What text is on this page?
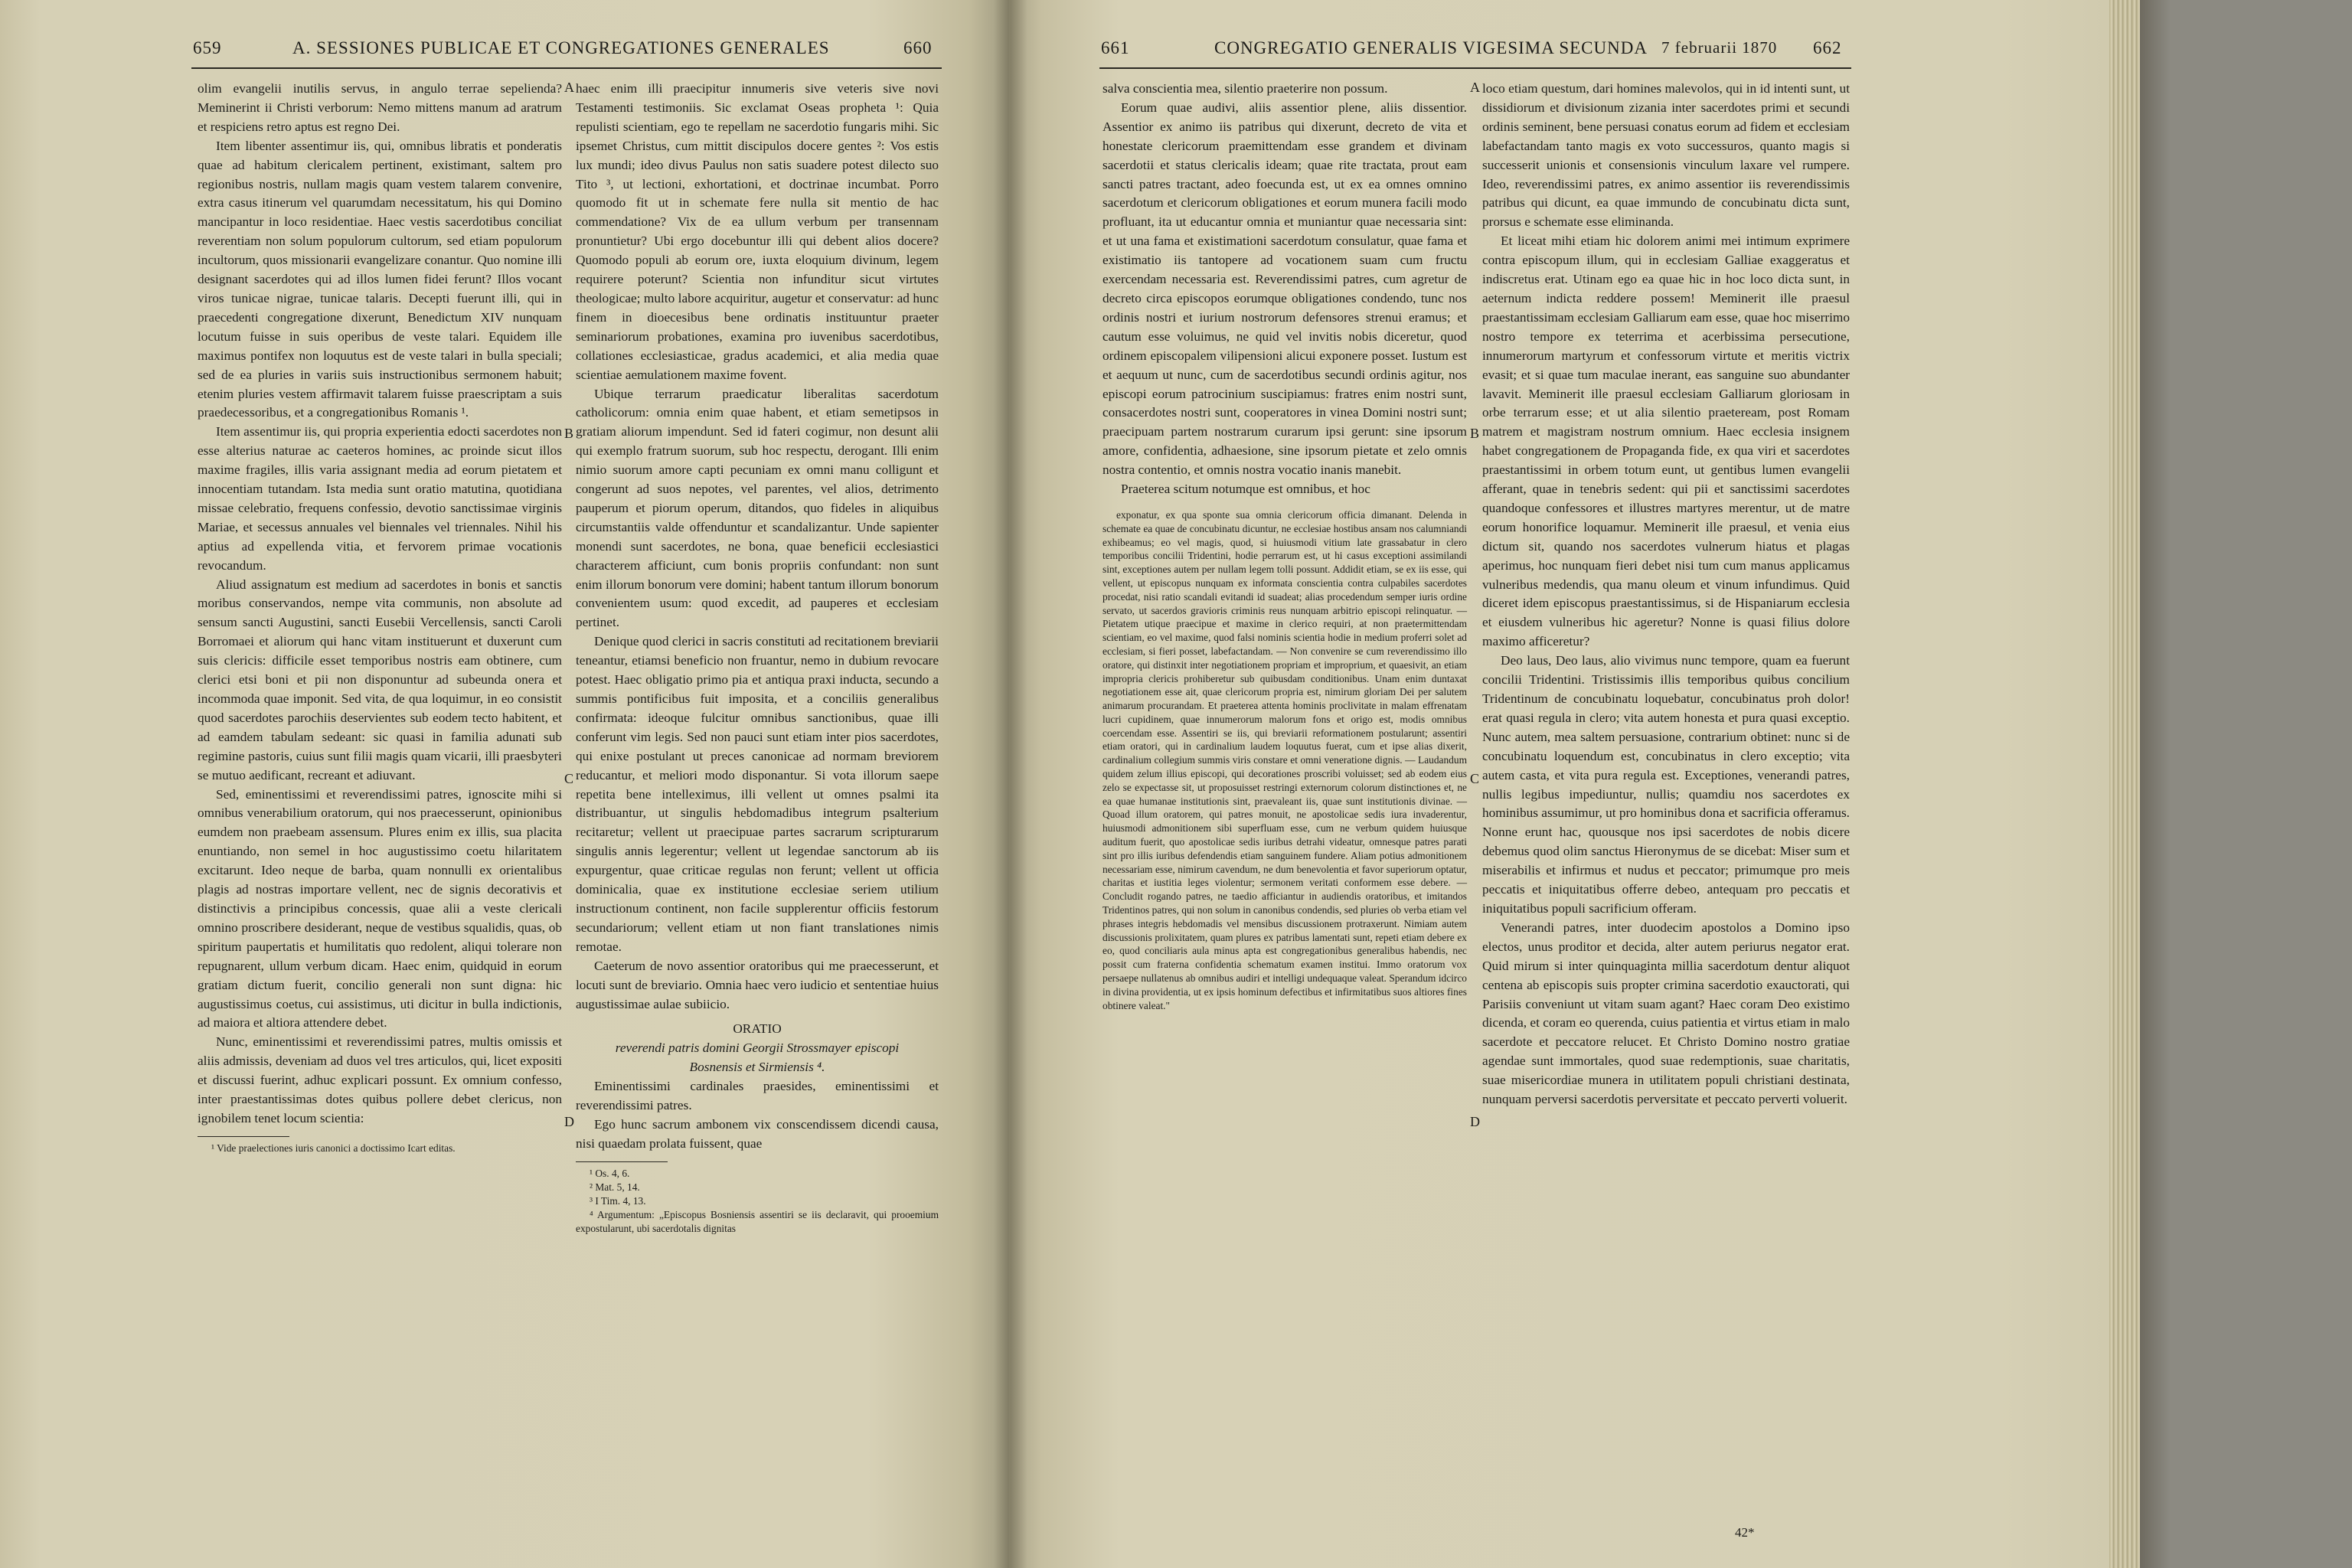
659	A. SESSIONES PUBLICAE ET CONGREGATIONES GENERALES	660

olim evangelii inutilis servus, in angulo terrae sepelienda? Meminerint ii Christi verborum: Nemo mittens manum ad aratrum et respiciens retro aptus est regno Dei.

Item libenter assentimur iis, qui, omnibus libratis et ponderatis quae ad habitum clericalem pertinent, existimant, saltem pro regionibus nostris, nullam magis quam vestem talarem convenire, extra casus itinerum vel quarumdam necessitatum, his qui Domino mancipantur in loco residentiae. Haec vestis sacerdotibus conciliat reverentiam non solum populorum cultorum, sed etiam populorum incultorum, quos missionarii evangelizare conantur. Quo nomine illi designant sacerdotes qui ad illos lumen fidei ferunt? Illos vocant viros tunicae nigrae, tunicae talaris. Decepti fuerunt illi, qui in praecedenti congregatione dixerunt, Benedictum XIV nunquam locutum fuisse in suis operibus de veste talari. Equidem ille maximus pontifex non loquutus est de veste talari in bulla speciali; sed de ea pluries in variis suis instructionibus sermonem habuit; etenim pluries vestem affirmavit talarem fuisse praescriptam a suis praedecessoribus, et a congregationibus Romanis ¹.

Item assentimur iis, qui propria experientia edocti sacerdotes non esse alterius naturae ac caeteros homines, ac proinde sicut illos maxime fragiles, illis varia assignant media ad eorum pietatem et innocentiam tutandam. Ista media sunt oratio matutina, quotidiana missae celebratio, frequens confessio, devotio sanctissimae virginis Mariae, et secessus annuales vel biennales vel triennales. Nihil his aptius ad expellenda vitia, et fervorem primae vocationis revocandum.

Aliud assignatum est medium ad sacerdotes in bonis et sanctis moribus conservandos, nempe vita communis, non absolute ad sensum sancti Augustini, sancti Eusebii Vercellensis, sancti Caroli Borromaei et aliorum qui hanc vitam instituerunt et duxerunt cum suis clericis: difficile esset temporibus nostris eam obtinere, cum clerici etsi boni et pii non disponuntur ad subeunda onera et incommoda quae imponit. Sed vita, de qua loquimur, in eo consistit quod sacerdotes parochiis deservientes sub eodem tecto habitent, et ad eamdem tabulam sedeant: sic quasi in familia adunati sub regimine pastoris, cuius sunt filii magis quam vicarii, illi praesbyteri se mutuo aedificant, recreant et adiuvant.

Sed, eminentissimi et reverendissimi patres, ignoscite mihi si omnibus venerabilium oratorum, qui nos praecesserunt, opinionibus eumdem non praebeam assensum. Plures enim ex illis, sua placita enuntiando, non semel in hoc augustissimo coetu hilaritatem excitarunt. Ideo neque de barba, quam nonnulli ex orientalibus plagis ad nostras importare vellent, nec de signis decorativis et distinctivis a principibus concessis, quae alii a veste clericali omnino proscribere desiderant, neque de vestibus squalidis, quas, ob spiritum paupertatis et humilitatis quo redolent, aliqui tolerare non repugnarent, ullum verbum dicam. Haec enim, quidquid in eorum gratiam dictum fuerit, concilio generali non sunt digna: hic augustissimus coetus, cui assistimus, uti dicitur in bulla indictionis, ad maiora et altiora attendere debet.

Nunc, eminentissimi et reverendissimi patres, multis omissis et aliis admissis, deveniam ad duos vel tres articulos, qui, licet expositi et discussi fuerint, adhuc explicari possunt. Ex omnium confesso, inter praestantissimas dotes quibus pollere debet clericus, non ignobilem tenet locum scientia:

¹ Vide praelectiones iuris canonici a doctissimo Icart editas.

haec enim illi praecipitur innumeris sive veteris sive novi Testamenti testimoniis. Sic exclamat Oseas propheta ¹: Quia repulisti scientiam, ego te repellam ne sacerdotio fungaris mihi. Sic ipsemet Christus, cum mittit discipulos docere gentes ²: Vos estis lux mundi; ideo divus Paulus non satis suadere potest dilecto suo Tito ³, ut lectioni, exhortationi, et doctrinae incumbat. Porro quomodo fit ut in schemate fere nulla sit mentio de hac commendatione? Vix de ea ullum verbum per transennam pronuntietur? Ubi ergo docebuntur illi qui debent alios docere? Quomodo populi ab eorum ore, iuxta eloquium divinum, legem requirere poterunt? Scientia non infunditur sicut virtutes theologicae; multo labore acquiritur, augetur et conservatur: ad hunc finem in dioecesibus bene ordinatis instituuntur praeter seminariorum probationes, examina pro iuvenibus sacerdotibus, collationes ecclesiasticae, gradus academici, et alia media quae scientiae aemulationem maxime fovent.

Ubique terrarum praedicatur liberalitas sacerdotum catholicorum: omnia enim quae habent, et etiam semetipsos in gratiam aliorum impendunt. Sed id fateri cogimur, non desunt alii qui exemplo fratrum suorum, sub hoc respectu, derogant. Illi enim nimio suorum amore capti pecuniam ex omni manu colligunt et congerunt ad suos nepotes, vel parentes, vel alios, detrimento pauperum et piorum operum, ditandos, quo fideles in aliquibus circumstantiis valde offenduntur et scandalizantur. Unde sapienter monendi sunt sacerdotes, ne bona, quae beneficii ecclesiastici characterem afficiunt, cum bonis propriis confundant: non sunt enim illorum bonorum vere domini; habent tantum illorum bonorum convenientem usum: quod excedit, ad pauperes et ecclesiam pertinet.

Denique quod clerici in sacris constituti ad recitationem breviarii teneantur, etiamsi beneficio non fruantur, nemo in dubium revocare potest. Haec obligatio primo pia et antiqua praxi inducta, secundo a summis pontificibus fuit imposita, et a conciliis generalibus confirmata: ideoque fulcitur omnibus sanctionibus, quae illi conferunt vim legis. Sed non pauci sunt etiam inter pios sacerdotes, qui enixe postulant ut preces canonicae ad normam breviorem reducantur, et meliori modo disponantur. Si vota illorum saepe repetita bene intelleximus, illi vellent ut omnes psalmi ita distribuantur, ut singulis hebdomadibus integrum psalterium recitaretur; vellent ut praecipuae partes sacrarum scripturarum singulis annis legerentur; vellent ut legendae sanctorum ab iis expurgentur, quae criticae regulas non ferunt; vellent ut officia dominicalia, quae ex institutione ecclesiae seriem utilium instructionum continent, non facile supplerentur officiis festorum secundariorum; vellent etiam ut non fiant translationes nimis remotae.

Caeterum de novo assentior oratoribus qui me praecesserunt, et locuti sunt de breviario. Omnia haec vero iudicio et sententiae huius augustissimae aulae subiicio.

ORATIO

reverendi patris domini Georgii Strossmayer episcopi Bosnensis et Sirmiensis ⁴.

Eminentissimi cardinales praesides, eminentissimi et reverendissimi patres.

Ego hunc sacrum ambonem vix conscendissem dicendi causa, nisi quaedam prolata fuissent, quae

¹ Os. 4, 6.

² Mat. 5, 14.

³ I Tim. 4, 13.

⁴ Argumentum: „Episcopus Bosniensis assentiri se iis declaravit, qui prooemium expostularunt, ubi sacerdotalis dignitas

A
B
C
D
661	CONGREGATIO GENERALIS VIGESIMA SECUNDA 7 februarii 1870 662

salva conscientia mea, silentio praeterire non possum.

Eorum quae audivi, aliis assentior plene, aliis dissentior. Assentior ex animo iis patribus qui dixerunt, decreto de vita et honestate clericorum praemittendam esse grandem et divinam sacerdotii et status clericalis ideam; quae rite tractata, prout eam sancti patres tractant, adeo foecunda est, ut ex ea omnes omnino sacerdotum et clericorum obligationes et eorum munera facili modo profluant, ita ut educantur omnia et muniantur quae necessaria sint: et ut una fama et existimationi sacerdotum consulatur, quae fama et existimatio iis tantopere ad vocationem suam cum fructu exercendam necessaria est. Reverendissimi patres, cum agretur de decreto circa episcopos eorumque obligationes condendo, tunc nos ordinis nostri et iurium nostrorum defensores strenui eramus; et cautum esse voluimus, ne quid vel invitis nobis diceretur, quod ordinem episcopalem vilipensioni alicui exponere posset. Iustum est et aequum ut nunc, cum de sacerdotibus secundi ordinis agitur, nos episcopi eorum patrocinium suscipiamus: fratres enim nostri sunt, consacerdotes nostri sunt, cooperatores in vinea Domini nostri sunt; praecipuam partem nostrarum curarum ipsi gerunt: sine ipsorum amore, confidentia, adhaesione, sine ipsorum pietate et zelo omnis nostra contentio, et omnis nostra vocatio inanis manebit.

Praeterea scitum notumque est omnibus, et hoc

exponatur, ex qua sponte sua omnia clericorum officia dimanant. Delenda in schemate ea quae de concubinatu dicuntur, ne ecclesiae hostibus ansam nos calumniandi exhibeamus; eo vel magis, quod, si huiusmodi vitium late grassabatur in clero temporibus concilii Tridentini, hodie perrarum est, ut hi casus exceptioni assimilandi sint, exceptiones autem per nullam legem tolli possunt. Addidit etiam, se ex iis esse, qui vellent, ut episcopus nunquam ex informata conscientia contra culpabiles sacerdotes procedat, nisi ratio scandali evitandi id suadeat; alias procedendum semper iuris ordine servato, ut sacerdos gravioris criminis reus nunquam arbitrio episcopi relinquatur. — Pietatem utique praecipue et maxime in clerico requiri, at non praetermittendam scientiam, eo vel maxime, quod falsi nominis scientia hodie in medium proferri solet ad ecclesiam, si fieri posset, labefactandam. — Non convenire se cum reverendissimo illo oratore, qui distinxit inter negotiationem propriam et improprium, et quaesivit, an etiam impropria clericis prohiberetur sub quibusdam conditionibus. Unam enim duntaxat negotiationem esse ait, quae clericorum propria est, nimirum gloriam Dei per salutem animarum procurandam. Et praeterea attenta hominis proclivitate in malam effrenatam lucri cupidinem, quae innumerorum malorum fons et origo est, modis omnibus coercendam esse. Assentiri se iis, qui breviarii reformationem postularunt; assentiri etiam oratori, qui in cardinalium laudem loquutus fuerat, cum et ipse alias dixerit, cardinalium collegium summis viris constare et omni veneratione dignis. — Laudandum quidem zelum illius episcopi, qui decorationes proscribi voluisset; sed ab eodem eius zelo se expectasse sit, ut proposuisset restringi externorum colorum distinctiones et, ne ea quae humanae institutionis sint, praevaleant iis, quae sunt institutionis divinae. — Quoad illum oratorem, qui patres monuit, ne apostolicae sedis iura invaderentur, huiusmodi admonitionem sibi superfluam esse, cum ne verbum quidem huiusque auditum fuerit, quo apostolicae sedis iuribus detrahi videatur, omnesque patres parati sint pro illis iuribus defendendis etiam sanguinem fundere. Aliam potius admonitionem necessariam esse, nimirum cavendum, ne dum benevolentia et favor superiorum optatur, charitas et iustitia leges violentur; sermonem veritati conformem esse debere. — Concludit rogando patres, ne taedio afficiantur in audiendis oratoribus, et imitandos Tridentinos patres, qui non solum in canonibus condendis, sed pluries ob verba etiam vel phrases integris hebdomadis vel mensibus discussionem protraxerunt. Nimiam autem discussionis prolixitatem, quam plures ex patribus lamentati sunt, repeti etiam debere ex eo, quod conciliaris aula minus apta est congregationibus generalibus habendis, nec possit cum fraterna confidentia schematum examen institui. Immo oratorum vox persaepe nullatenus ab omnibus audiri et intelligi undequaque valeat. Sperandum idcirco in divina providentia, ut ex ipsis hominum defectibus et infirmitatibus suos altiores fines obtinere valeat."

loco etiam questum, dari homines malevolos, qui in id intenti sunt, ut dissidiorum et divisionum zizania inter sacerdotes primi et secundi ordinis seminent, bene persuasi conatus eorum ad fidem et ecclesiam labefactandam tanto magis ex voto successuros, quanto magis si successerit unionis et consensionis vinculum laxare vel rumpere. Ideo, reverendissimi patres, ex animo assentior iis reverendissimis patribus qui dicunt, ea quae immundo de concubinatu dicta sunt, prorsus e schemate esse eliminanda.

Et liceat mihi etiam hic dolorem animi mei intimum exprimere contra episcopum illum, qui in ecclesiam Galliae exaggeratus et indiscretus erat. Utinam ego ea quae hic in hoc loco dicta sunt, in aeternum indicta reddere possem! Meminerit ille praesul praestantissimam ecclesiam Galliarum eam esse, quae hoc miserrimo nostro tempore ex teterrima et acerbissima persecutione, innumerorum martyrum et confessorum virtute et meritis victrix evasit; et si quae tum maculae inerant, eas sanguine suo abundanter lavavit. Meminerit ille praesul ecclesiam Galliarum gloriosam in orbe terrarum esse; et ut alia silentio praeteream, post Romam matrem et magistram nostrum omnium. Haec ecclesia insignem habet congregationem de Propaganda fide, ex qua viri et sacerdotes praestantissimi in orbem totum eunt, ut gentibus lumen evangelii afferant, quae in tenebris sedent: qui pii et sanctissimi sacerdotes quandoque confessores et illustres martyres merentur, ut de matre eorum honorifice loquamur. Meminerit ille praesul, et venia eius dictum sit, quando nos sacerdotes vulnerum hiatus et plagas aperimus, hoc nunquam fieri debet nisi tum cum manus applicamus vulneribus medendis, qua manu oleum et vinum infundimus. Quid diceret idem episcopus praestantissimus, si de Hispaniarum ecclesia et eiusdem vulneribus hic ageretur? Nonne is quasi filius dolore maximo afficeretur?

Deo laus, Deo laus, alio vivimus nunc tempore, quam ea fuerunt concilii Tridentini. Tristissimis illis temporibus quibus concilium Tridentinum de concubinatu loquebatur, concubinatus proh dolor! erat quasi regula in clero; vita autem honesta et pura quasi exceptio. Nunc autem, mea saltem persuasione, contrarium obtinet: nunc si de concubinatu loquendum est, concubinatus in clero exceptio; vita autem casta, et vita pura regula est. Exceptiones, venerandi patres, nullis legibus impediuntur, nullis; quamdiu nos sacerdotes ex hominibus assumimur, ut pro hominibus dona et sacrificia offeramus. Nonne erunt hac, quousque nos ipsi sacerdotes de nobis dicere debemus quod olim sanctus Hieronymus de se dicebat: Miser sum et miserabilis et infirmus et nudus et peccator; primumque pro meis peccatis et iniquitatibus offerre debeo, antequam pro peccatis et iniquitatibus populi sacrificium offeram.

Venerandi patres, inter duodecim apostolos a Domino ipso electos, unus proditor et decida, alter autem periurus negator erat. Quid mirum si inter quinquaginta millia sacerdotum dentur aliquot centena ab episcopis suis propter crimina sacerdotio exauctorati, qui Parisiis conveniunt ut vitam suam agant? Haec coram Deo existimo dicenda, et coram eo querenda, cuius patientia et virtus etiam in malo sacerdote et peccatore relucet. Et Christo Domino nostro gratiae agendae sunt immortales, quod suae redemptionis, suae charitatis, suae misericordiae munera in utilitatem populi christiani destinata, nunquam perversi sacerdotis perversitate et peccato perverti voluerit.

A
B
C
D
42*
